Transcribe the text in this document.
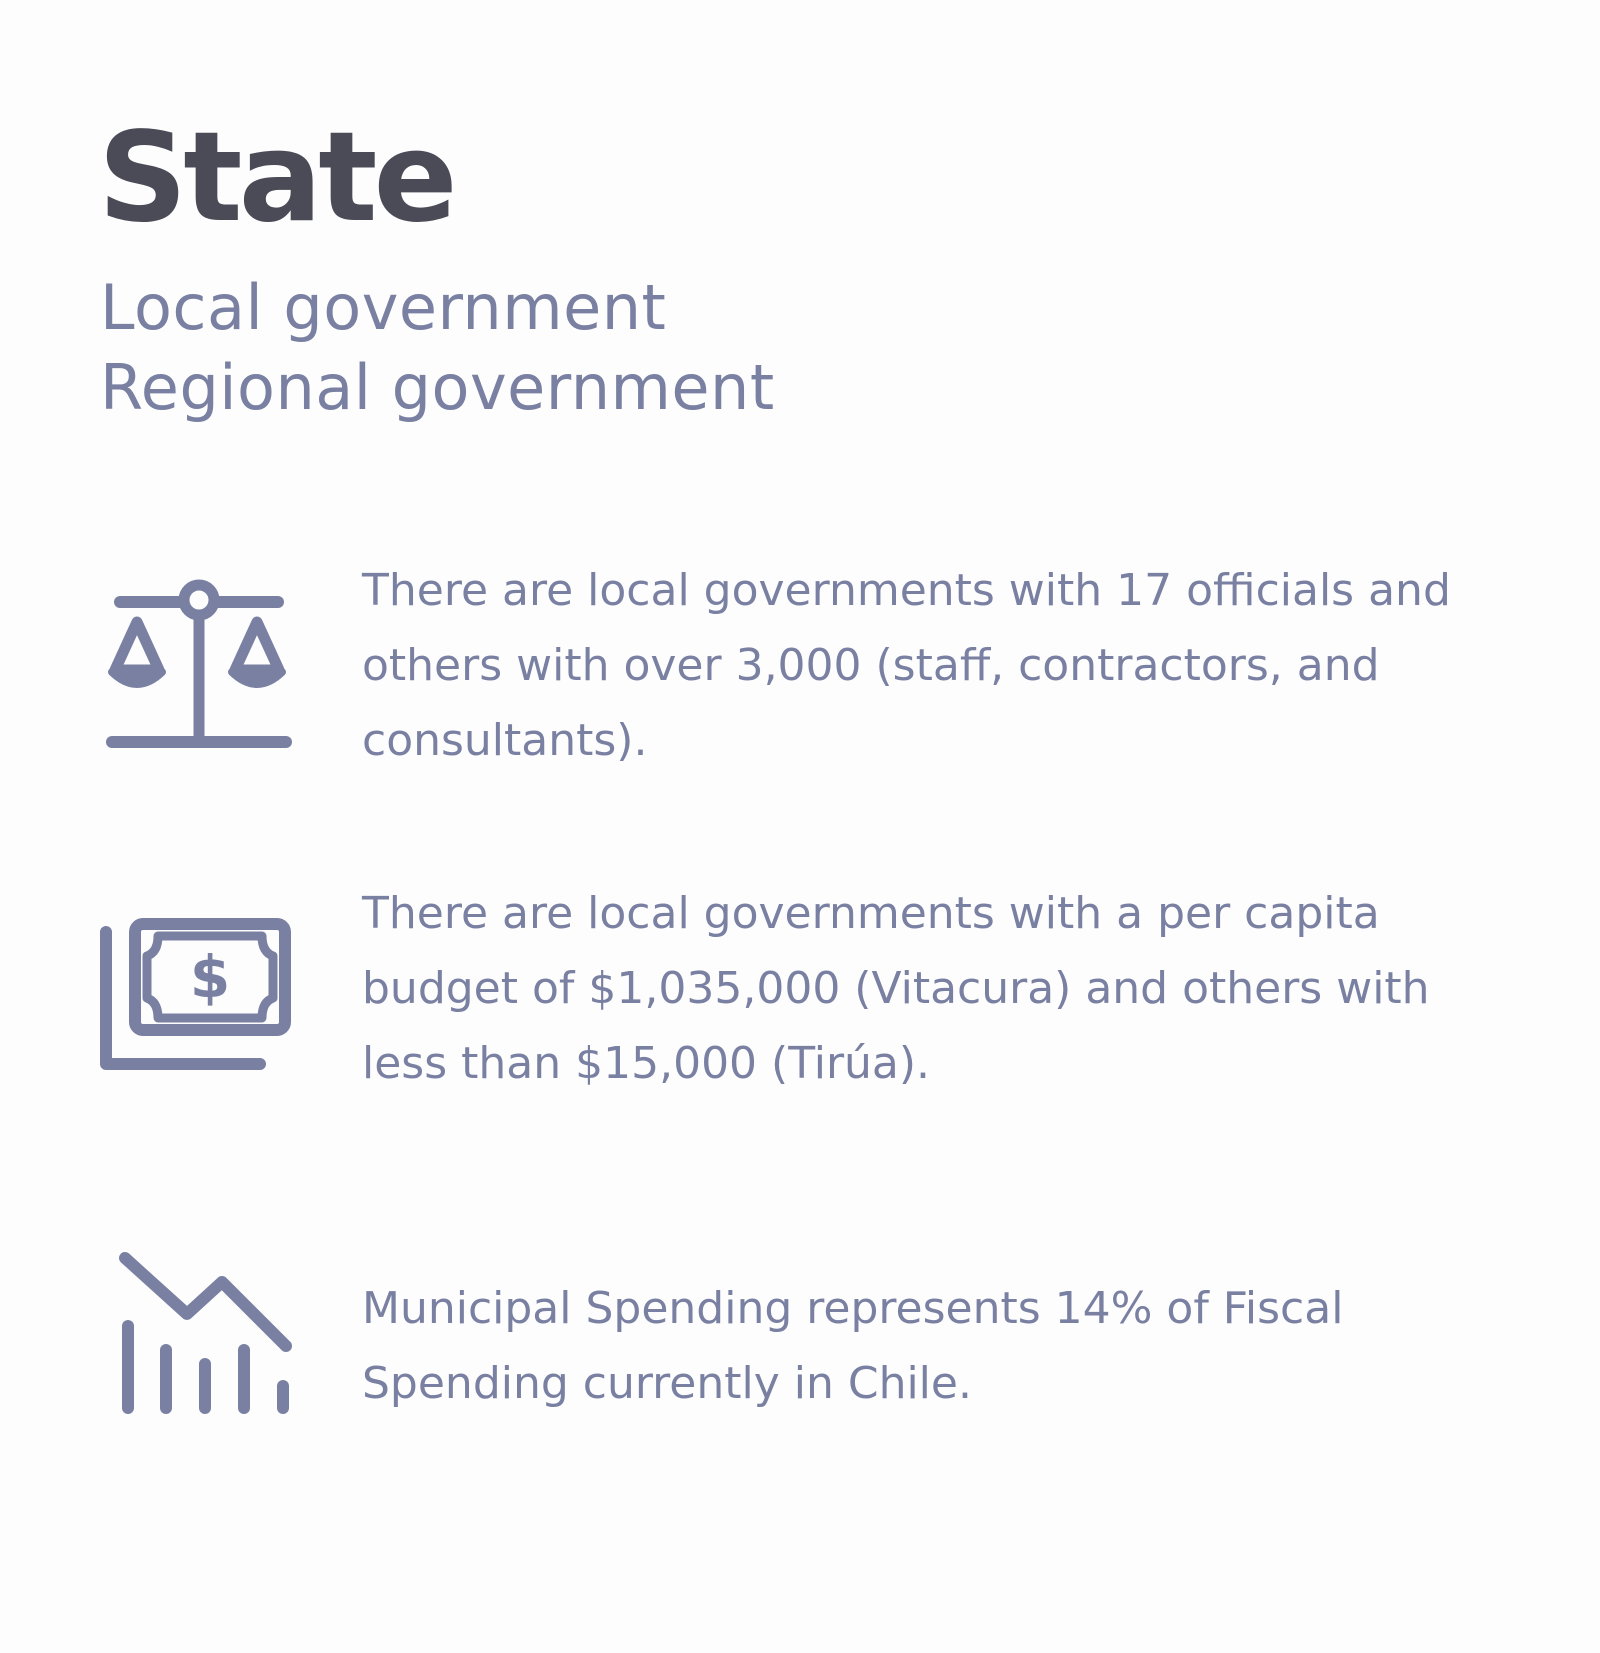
State
Local government
Regional government

There are local governments with 17 officials and others with over 3,000 (staff, contractors, and consultants).

$

There are local governments with a per capita budget of $1,035,000 (Vitacura) and others with less than $15,000 (Tirúa).

Municipal Spending represents 14% of Fiscal Spending currently in Chile.
